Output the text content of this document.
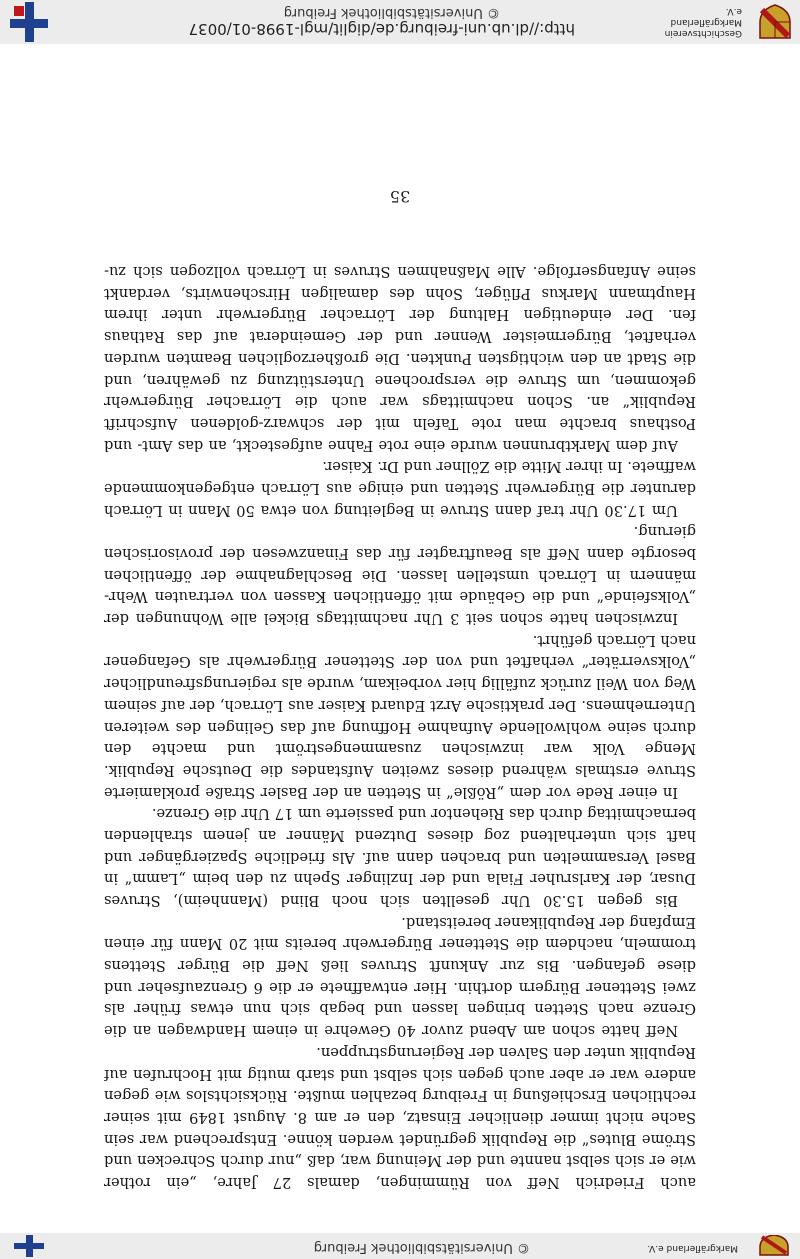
Geschichtsverein
Markgräflerland e.V.
http://dl.ub.uni-freiburg.de/diglit/mgl-1998-01/0037
© Universitätsbibliothek Freiburg
auch Friedrich Neff von Rümmingen, damals 27 Jahre, „ein rother
wie er sich selbst nannte und der Meinung war, daß „nur durch Schrecken und
Ströme Blutes“ die Republik gegründet werden könne. Entsprechend war sein
Sache nicht immer dienlicher Einsatz, den er am 8. August 1849 mit seiner
rechtlichen Erschießung in Freiburg bezahlen mußte. Rücksichtslos wie gegen
andere war er aber auch gegen sich selbst und starb mutig mit Hochrufen auf
Republik unter den Salven der Regierungstruppen.
Neff hatte schon am Abend zuvor 40 Gewehre in einem Handwagen an die
Grenze nach Stetten bringen lassen und begab sich nun etwas früher als
zwei Stettener Bürgern dorthin. Hier entwaffnete er die 6 Grenzaufseher und
diese gefangen. Bis zur Ankunft Struves ließ Neff die Bürger Stettens
trommeln, nachdem die Stettener Bürgerwehr bereits mit 20 Mann für einen
Empfang der Republikaner bereitstand.
Bis gegen 15.30 Uhr gesellten sich noch Blind (Mannheim), Struves
Dusar, der Karlsruher Fiala und der Inzlinger Spehn zu den beim „Lamm“ in
Basel Versammelten und brachen dann auf. Als friedliche Spaziergänger und
haft sich unterhaltend zog dieses Dutzend Männer an jenem strahlenden
bernachmittag durch das Riehentor und passierte um 17 Uhr die Grenze.
In einer Rede vor dem „Rößle“ in Stetten an der Basler Straße proklamierte
Struve erstmals während dieses zweiten Aufstandes die Deutsche Republik.
Menge Volk war inzwischen zusammengeströmt und machte den
durch seine wohlwollende Aufnahme Hoffnung auf das Gelingen des weiteren
Unternehmens. Der praktische Arzt Eduard Kaiser aus Lörrach, der auf seinem
Weg von Weil zurück zufällig hier vorbeikam, wurde als regierungsfreundlicher
„Volksverräter“ verhaftet und von der Stettener Bürgerwehr als Gefangener
nach Lörrach geführt.
Inzwischen hatte schon seit 3 Uhr nachmittags Bickel alle Wohnungen der
„Volksfeinde“ und die Gebäude mit öffentlichen Kassen von vertrauten Wehr-
männern in Lörrach umstellen lassen. Die Beschlagnahme der öffentlichen
besorgte dann Neff als Beauftragter für das Finanzwesen der provisorischen
gierung.
Um 17.30 Uhr traf dann Struve in Begleitung von etwa 50 Mann in Lörrach
darunter die Bürgerwehr Stetten und einige aus Lörrach entgegenkommende
waffnete. In ihrer Mitte die Zöllner und Dr. Kaiser.
Auf dem Marktbrunnen wurde eine rote Fahne aufgesteckt, an das Amt- und
Posthaus brachte man rote Tafeln mit der schwarz-goldenen Aufschrift
Republik“ an. Schon nachmittags war auch die Lörracher Bürgerwehr
gekommen, um Struve die versprochene Unterstützung zu gewähren, und
die Stadt an den wichtigsten Punkten. Die großherzoglichen Beamten wurden
verhaftet, Bürgermeister Wenner und der Gemeinderat auf das Rathaus
fen. Der eindeutigen Haltung der Lörracher Bürgerwehr unter ihrem
Hauptmann Markus Pflüger, Sohn des damaligen Hirschenwirts, verdankt
seine Anfangserfolge. Alle Maßnahmen Struves in Lörrach vollzogen sich zu-
35
© Universitätsbibliothek Freiburg	Markgräflerland e.V.
